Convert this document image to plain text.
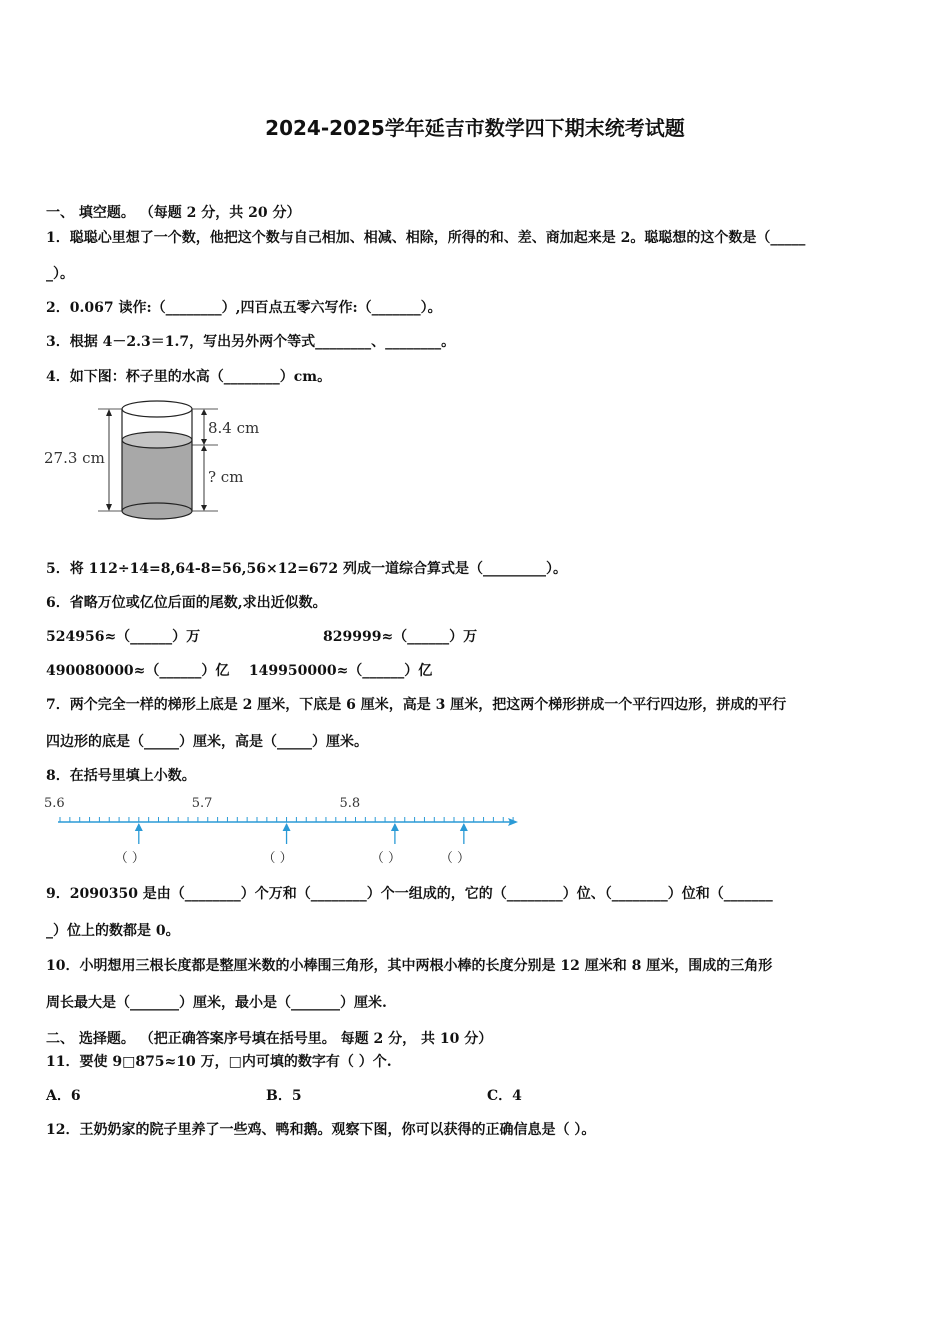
2024-2025学年延吉市数学四下期末统考试题
一、 填空题。 （每题 2 分，共 20 分）
1．聪聪心里想了一个数，他把这个数与自己相加、相减、相除，所得的和、差、商加起来是 2。聪聪想的这个数是（_____
_）。
2．0.067 读作:（________）,四百点五零六写作:（_______）。
3．根据 4－2.3＝1.7，写出另外两个等式________、________。
4．如下图：杯子里的水高（________）cm。
27.3 cm
8.4 cm
? cm
5．将 112÷14=8,64-8=56,56×12=672 列成一道综合算式是（_________）。
6．省略万位或亿位后面的尾数,求出近似数。
524956≈（______）万	829999≈（______）万
490080000≈（______）亿    149950000≈（______）亿
7．两个完全一样的梯形上底是 2 厘米，下底是 6 厘米，高是 3 厘米，把这两个梯形拼成一个平行四边形，拼成的平行
四边形的底是（_____）厘米，高是（_____）厘米。
8．在括号里填上小数。
5.6	5.7	5.8
（ ）	（ ）	（ ）	（ ）
9．2090350 是由（________）个万和（________）个一组成的，它的（________）位、（________）位和（_______
_）位上的数都是 0。
10．小明想用三根长度都是整厘米数的小棒围三角形，其中两根小棒的长度分别是 12 厘米和 8 厘米，围成的三角形
周长最大是（_______）厘米，最小是（_______）厘米.
二、 选择题。 （把正确答案序号填在括号里。 每题 2 分， 共 10 分）
11．要使 9□875≈10 万，□内可填的数字有（ ）个.
A．6	B．5	C．4
12．王奶奶家的院子里养了一些鸡、鸭和鹅。观察下图，你可以获得的正确信息是（ ）。
